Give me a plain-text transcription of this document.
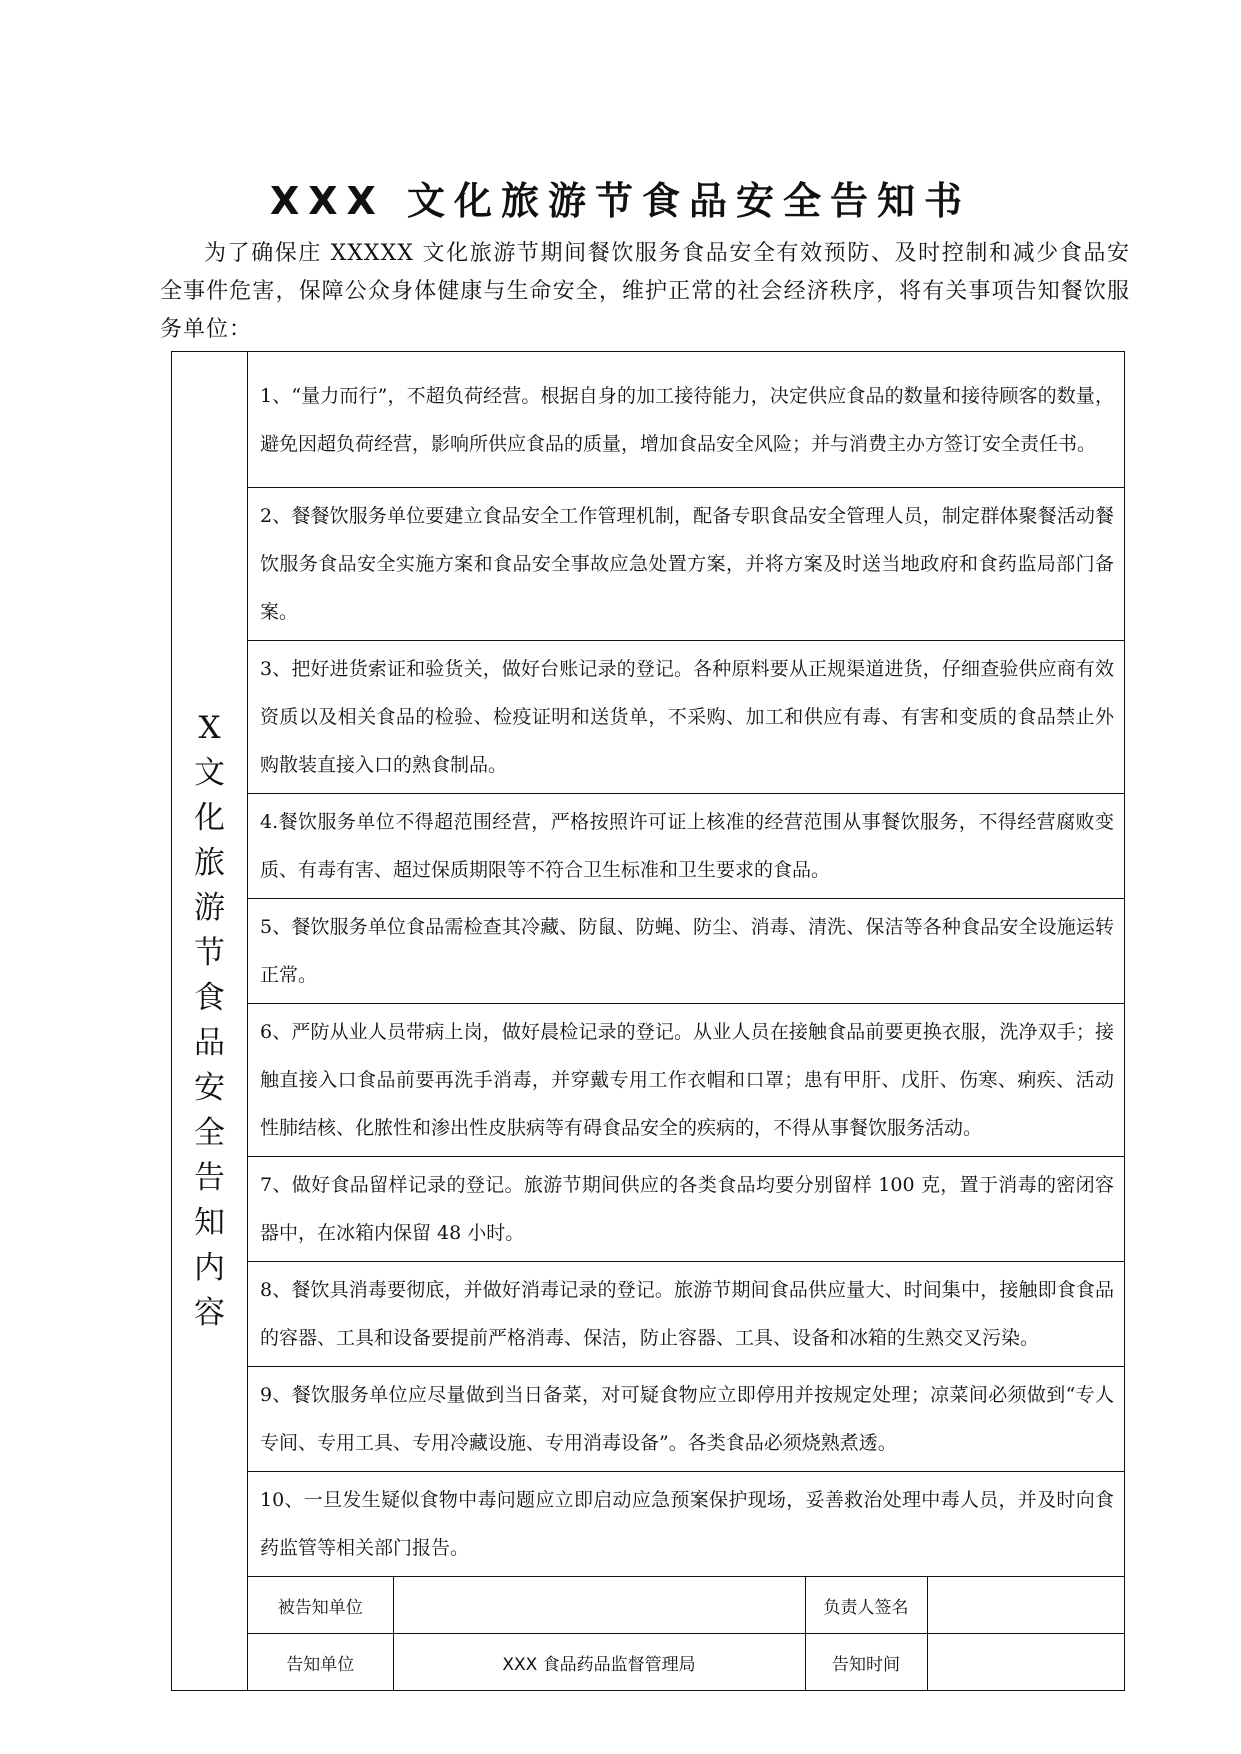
XXX 文化旅游节食品安全告知书
为了确保庄 XXXXX 文化旅游节期间餐饮服务食品安全有效预防、及时控制和减少食品安全事件危害，保障公众身体健康与生命安全，维护正常的社会经济秩序，将有关事项告知餐饮服务单位：
X文化旅游节食品安全告知内容	1、“量力而行”，不超负荷经营。根据自身的加工接待能力，决定供应食品的数量和接待顾客的数量，避免因超负荷经营，影响所供应食品的质量，增加食品安全风险；并与消费主办方签订安全责任书。
2、餐餐饮服务单位要建立食品安全工作管理机制，配备专职食品安全管理人员，制定群体聚餐活动餐饮服务食品安全实施方案和食品安全事故应急处置方案，并将方案及时送当地政府和食药监局部门备案。
3、把好进货索证和验货关，做好台账记录的登记。各种原料要从正规渠道进货，仔细查验供应商有效资质以及相关食品的检验、检疫证明和送货单，不采购、加工和供应有毒、有害和变质的食品禁止外购散装直接入口的熟食制品。
4.餐饮服务单位不得超范围经营，严格按照许可证上核准的经营范围从事餐饮服务，不得经营腐败变质、有毒有害、超过保质期限等不符合卫生标准和卫生要求的食品。
5、餐饮服务单位食品需检查其冷藏、防鼠、防蝇、防尘、消毒、清洗、保洁等各种食品安全设施运转正常。
6、严防从业人员带病上岗，做好晨检记录的登记。从业人员在接触食品前要更换衣服，洗净双手；接触直接入口食品前要再洗手消毒，并穿戴专用工作衣帽和口罩；患有甲肝、戊肝、伤寒、痢疾、活动性肺结核、化脓性和渗出性皮肤病等有碍食品安全的疾病的，不得从事餐饮服务活动。
7、做好食品留样记录的登记。旅游节期间供应的各类食品均要分别留样 100 克，置于消毒的密闭容器中，在冰箱内保留 48 小时。
8、餐饮具消毒要彻底，并做好消毒记录的登记。旅游节期间食品供应量大、时间集中，接触即食食品的容器、工具和设备要提前严格消毒、保洁，防止容器、工具、设备和冰箱的生熟交叉污染。
9、餐饮服务单位应尽量做到当日备菜，对可疑食物应立即停用并按规定处理；凉菜间必须做到“专人 专间、专用工具、专用冷藏设施、专用消毒设备”。各类食品必须烧熟煮透。
10、一旦发生疑似食物中毒问题应立即启动应急预案保护现场，妥善救治处理中毒人员，并及时向食药监管等相关部门报告。

被告知单位		负责人签名	
告知单位	XXX 食品药品监督管理局	告知时间	
